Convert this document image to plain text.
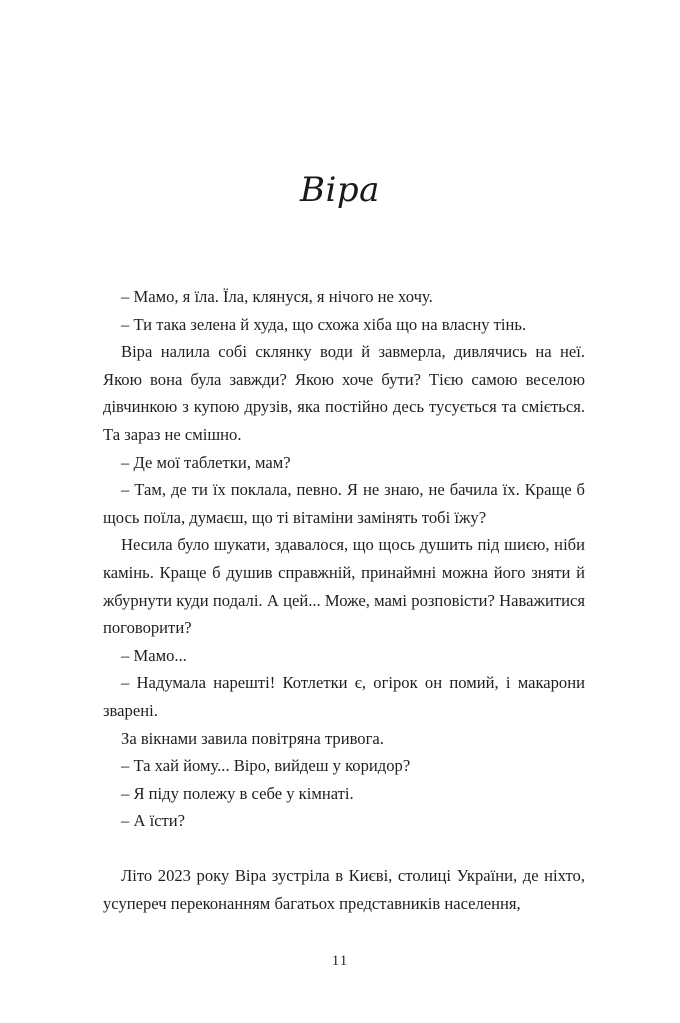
Віра

– Мамо, я їла. Їла, клянуся, я нічого не хочу.

– Ти така зелена й худа, що схожа хіба що на власну тінь.

Віра налила собі склянку води й завмерла, дивлячись на неї. Якою вона була завжди? Якою хоче бути? Тією самою веселою дівчинкою з купою друзів, яка постійно десь тусується та сміється. Та зараз не смішно.

– Де мої таблетки, мам?

– Там, де ти їх поклала, певно. Я не знаю, не бачила їх. Краще б щось поїла, думаєш, що ті вітаміни замінять тобі їжу?

Несила було шукати, здавалося, що щось душить під шиєю, ніби камінь. Краще б душив справжній, принаймні можна його зняти й жбурнути куди подалі. А цей... Може, мамі розповісти? Наважитися поговорити?

– Мамо...

– Надумала нарешті! Котлетки є, огірок он помий, і макарони зварені.

За вікнами завила повітряна тривога.

– Та хай йому... Віро, вийдеш у коридор?

– Я піду полежу в себе у кімнаті.

– А їсти?

Літо 2023 року Віра зустріла в Києві, столиці України, де ніхто, усупереч переконанням багатьох представників населення,

11
